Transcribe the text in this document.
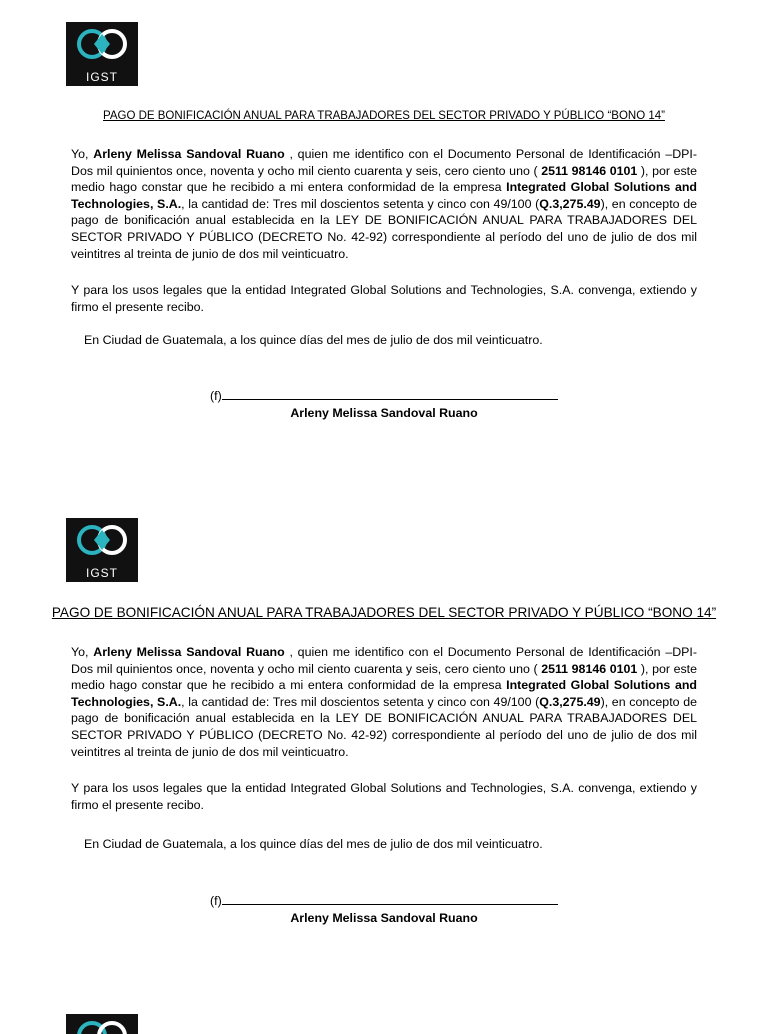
IGST
PAGO DE BONIFICACIÓN ANUAL PARA TRABAJADORES DEL SECTOR PRIVADO Y PÚBLICO “BONO 14”
Yo, Arleny Melissa Sandoval Ruano , quien me identifico con el Documento Personal de Identificación –DPI- Dos mil quinientos once, noventa y ocho mil ciento cuarenta y seis, cero ciento uno ( 2511 98146 0101 ), por este medio hago constar que he recibido a mi entera conformidad de la empresa Integrated Global Solutions and Technologies, S.A., la cantidad de: Tres mil doscientos setenta y cinco con 49/100 (Q.3,275.49), en concepto de pago de bonificación anual establecida en la LEY DE BONIFICACIÓN ANUAL PARA TRABAJADORES DEL SECTOR PRIVADO Y PÚBLICO (DECRETO No. 42-92) correspondiente al período del uno de julio de dos mil veintitres al treinta de junio de dos mil veinticuatro.
Y para los usos legales que la entidad Integrated Global Solutions and Technologies, S.A. convenga, extiendo y firmo el presente recibo.
En Ciudad de Guatemala, a los quince días del mes de julio de dos mil veinticuatro.
(f)
Arleny Melissa Sandoval Ruano
IGST
PAGO DE BONIFICACIÓN ANUAL PARA TRABAJADORES DEL SECTOR PRIVADO Y PÚBLICO “BONO 14”
Yo, Arleny Melissa Sandoval Ruano , quien me identifico con el Documento Personal de Identificación –DPI- Dos mil quinientos once, noventa y ocho mil ciento cuarenta y seis, cero ciento uno ( 2511 98146 0101 ), por este medio hago constar que he recibido a mi entera conformidad de la empresa Integrated Global Solutions and Technologies, S.A., la cantidad de: Tres mil doscientos setenta y cinco con 49/100 (Q.3,275.49), en concepto de pago de bonificación anual establecida en la LEY DE BONIFICACIÓN ANUAL PARA TRABAJADORES DEL SECTOR PRIVADO Y PÚBLICO (DECRETO No. 42-92) correspondiente al período del uno de julio de dos mil veintitres al treinta de junio de dos mil veinticuatro.
Y para los usos legales que la entidad Integrated Global Solutions and Technologies, S.A. convenga, extiendo y firmo el presente recibo.
En Ciudad de Guatemala, a los quince días del mes de julio de dos mil veinticuatro.
(f)
Arleny Melissa Sandoval Ruano
